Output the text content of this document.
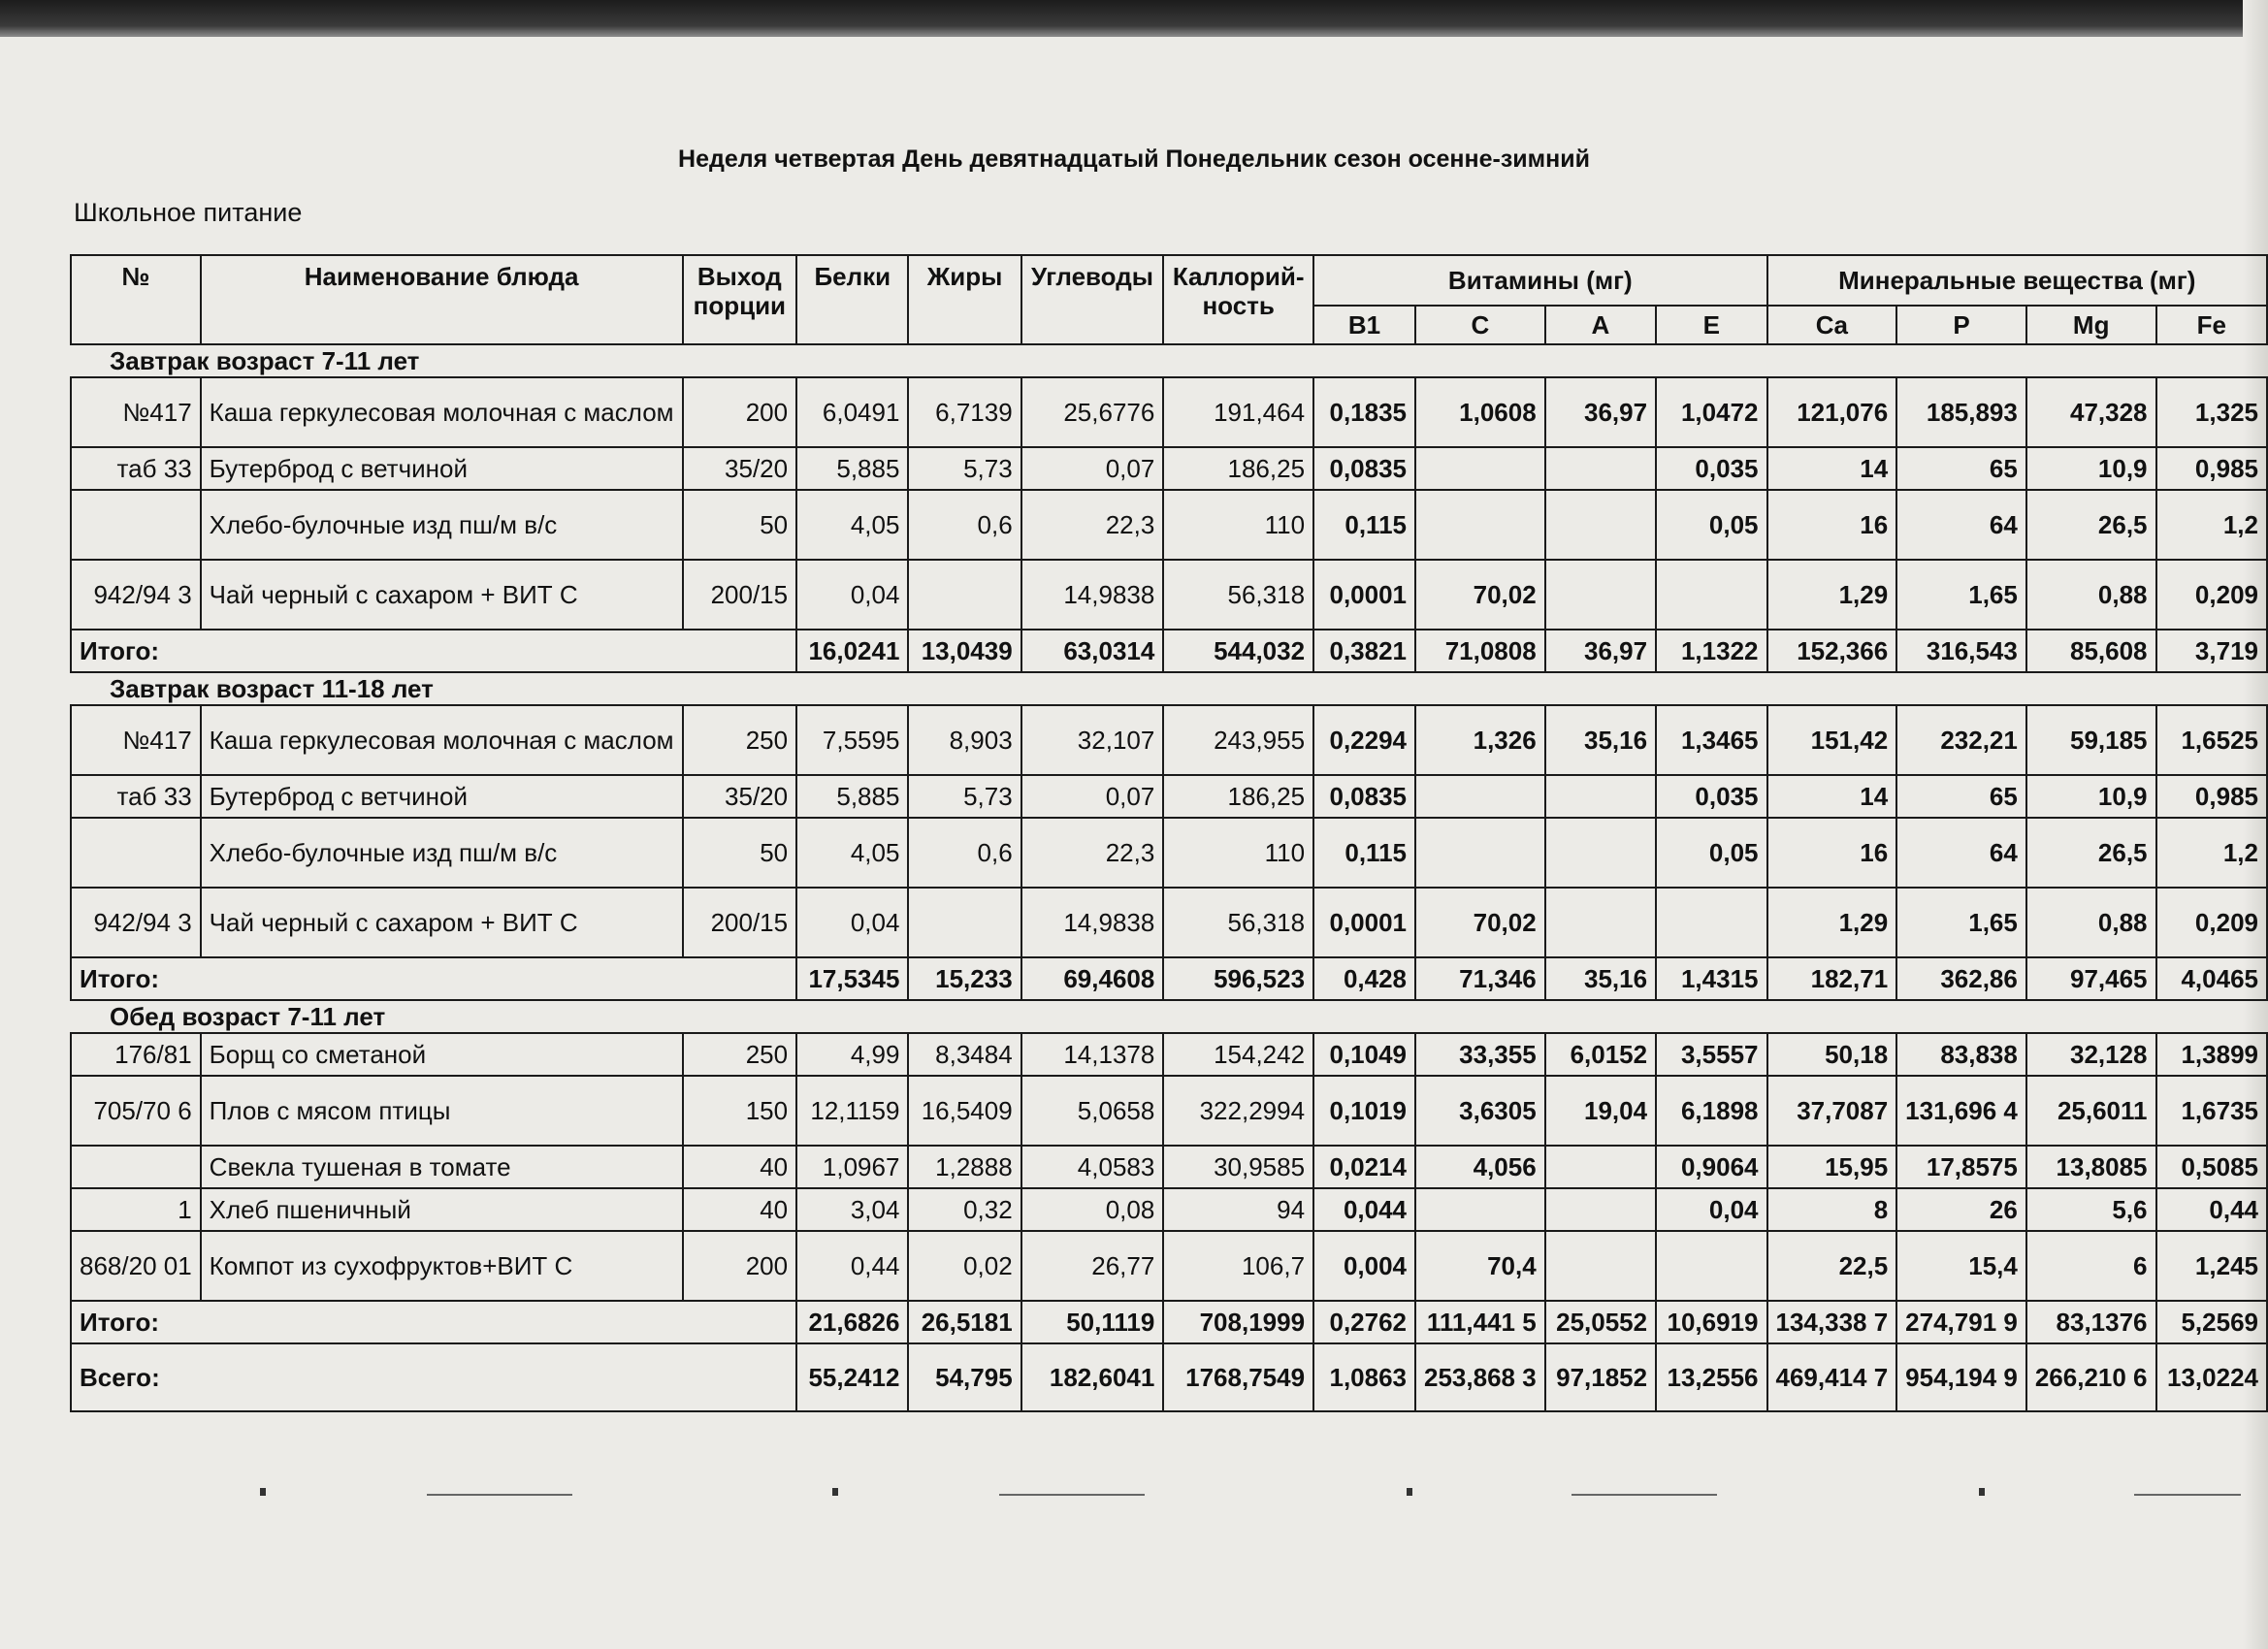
Неделя четвертая День девятнадцатый Понедельник сезон осенне-зимний
Школьное питание
№	Наименование блюда	Выход порции	Белки	Жиры	Углеводы	Каллорий-ность	Витамины (мг)				Минеральные вещества (мг)			
							B1	C	A	E	Ca	P	Mg	Fe
Завтрак возраст 7-11 лет														
№417	Каша геркулесовая молочная с маслом	200	6,0491	6,7139	25,6776	191,464	0,1835	1,0608	36,97	1,0472	121,076	185,893	47,328	1,325
таб 33	Бутерброд с ветчиной	35/20	5,885	5,73	0,07	186,25	0,0835			0,035	14	65	10,9	0,985
	Хлебо-булочные изд пш/м в/с	50	4,05	0,6	22,3	110	0,115			0,05	16	64	26,5	1,2
942/94 3	Чай черный с сахаром + ВИТ С	200/15	0,04		14,9838	56,318	0,0001	70,02			1,29	1,65	0,88	0,209
Итого:			16,0241	13,0439	63,0314	544,032	0,3821	71,0808	36,97	1,1322	152,366	316,543	85,608	3,719
Завтрак возраст 11-18 лет														
№417	Каша геркулесовая молочная с маслом	250	7,5595	8,903	32,107	243,955	0,2294	1,326	35,16	1,3465	151,42	232,21	59,185	1,6525
таб 33	Бутерброд с ветчиной	35/20	5,885	5,73	0,07	186,25	0,0835			0,035	14	65	10,9	0,985
	Хлебо-булочные изд пш/м в/с	50	4,05	0,6	22,3	110	0,115			0,05	16	64	26,5	1,2
942/94 3	Чай черный с сахаром + ВИТ С	200/15	0,04		14,9838	56,318	0,0001	70,02			1,29	1,65	0,88	0,209
Итого:			17,5345	15,233	69,4608	596,523	0,428	71,346	35,16	1,4315	182,71	362,86	97,465	4,0465
Обед возраст 7-11 лет														
176/81	Борщ со сметаной	250	4,99	8,3484	14,1378	154,242	0,1049	33,355	6,0152	3,5557	50,18	83,838	32,128	1,3899
705/70 6	Плов с мясом птицы	150	12,1159	16,5409	5,0658	322,2994	0,1019	3,6305	19,04	6,1898	37,7087	131,696 4	25,6011	1,6735
	Свекла тушеная в томате	40	1,0967	1,2888	4,0583	30,9585	0,0214	4,056		0,9064	15,95	17,8575	13,8085	0,5085
1	Хлеб пшеничный	40	3,04	0,32	0,08	94	0,044			0,04	8	26	5,6	0,44
868/20 01	Компот из сухофруктов+ВИТ С	200	0,44	0,02	26,77	106,7	0,004	70,4			22,5	15,4	6	1,245
Итого:			21,6826	26,5181	50,1119	708,1999	0,2762	111,441 5	25,0552	10,6919	134,338 7	274,791 9	83,1376	5,2569
Всего:			55,2412	54,795	182,6041	1768,7549	1,0863	253,868 3	97,1852	13,2556	469,414 7	954,194 9	266,210 6	13,0224
